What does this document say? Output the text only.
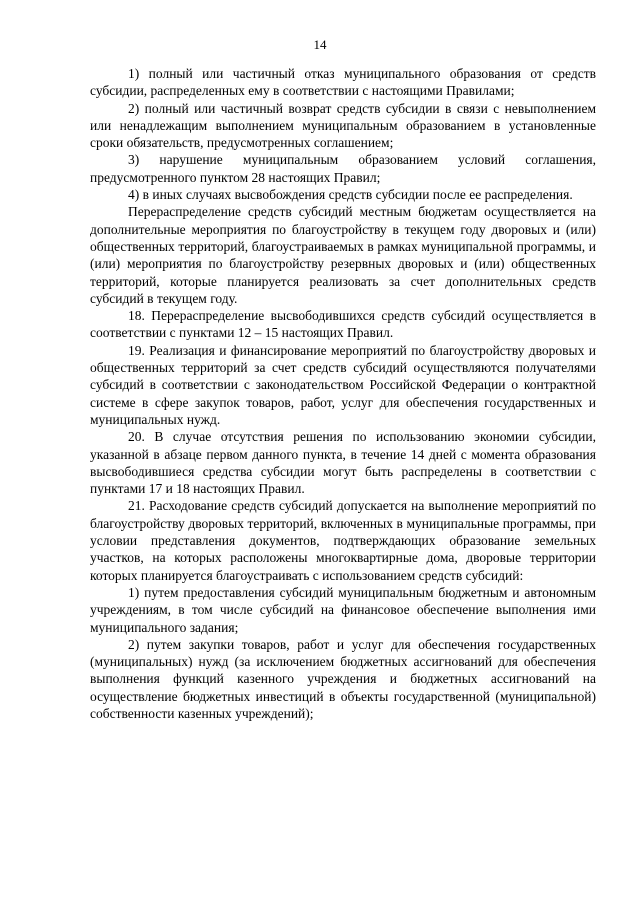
14

1) полный или частичный отказ муниципального образования от средств субсидии, распределенных ему в соответствии с настоящими Правилами;

2) полный или частичный возврат средств субсидии в связи с невыполнением или ненадлежащим выполнением муниципальным образованием в установленные сроки обязательств, предусмотренных соглашением;

3) нарушение муниципальным образованием условий соглашения, предусмотренного пунктом 28 настоящих Правил;

4) в иных случаях высвобождения средств субсидии после ее распределения.

Перераспределение средств субсидий местным бюджетам осуществляется на дополнительные мероприятия по благоустройству в текущем году дворовых и (или) общественных территорий, благоустраиваемых в рамках муниципальной программы, и (или) мероприятия по благоустройству резервных дворовых и (или) общественных территорий, которые планируется реализовать за счет дополнительных средств субсидий в текущем году.

18. Перераспределение высвободившихся средств субсидий осуществляется в соответствии с пунктами 12 – 15 настоящих Правил.

19. Реализация и финансирование мероприятий по благоустройству дворовых и общественных территорий за счет средств субсидий осуществляются получателями субсидий в соответствии с законодательством Российской Федерации о контрактной системе в сфере закупок товаров, работ, услуг для обеспечения государственных и муниципальных нужд.

20. В случае отсутствия решения по использованию экономии субсидии, указанной в абзаце первом данного пункта, в течение 14 дней с момента образования высвободившиеся средства субсидии могут быть распределены в соответствии с пунктами 17 и 18 настоящих Правил.

21. Расходование средств субсидий допускается на выполнение мероприятий по благоустройству дворовых территорий, включенных в муниципальные программы, при условии представления документов, подтверждающих образование земельных участков, на которых расположены многоквартирные дома, дворовые территории которых планируется благоустраивать с использованием средств субсидий:

1) путем предоставления субсидий муниципальным бюджетным и автономным учреждениям, в том числе субсидий на финансовое обеспечение выполнения ими муниципального задания;

2) путем закупки товаров, работ и услуг для обеспечения государственных (муниципальных) нужд (за исключением бюджетных ассигнований для обеспечения выполнения функций казенного учреждения и бюджетных ассигнований на осуществление бюджетных инвестиций в объекты государственной (муниципальной) собственности казенных учреждений);
